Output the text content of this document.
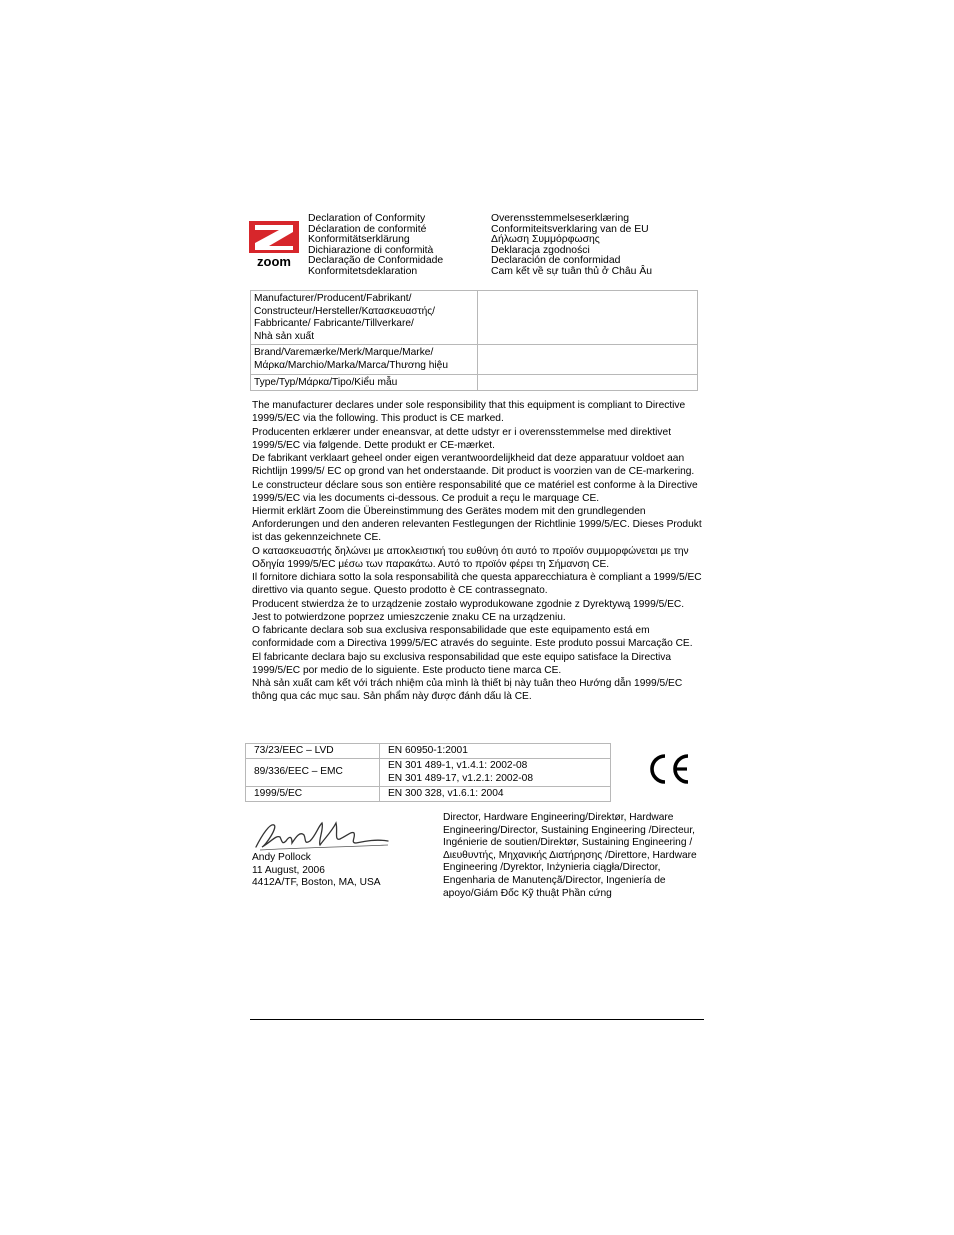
zoom
Declaration of Conformity
Déclaration de conformité
Konformitätserklärung
Dichiarazione di conformità
Declaração de Conformidade
Konformitetsdeklaration
Overensstemmelseserklæring
Conformiteitsverklaring van de EU
Δήλωση Συμμόρφωσης
Deklaracja zgodności
Declaración de conformidad
Cam kết về sự tuân thủ ở Châu Âu
Manufacturer/Producent/Fabrikant/
Constructeur/Hersteller/Κατασκευαστής/
Fabbricante/ Fabricante/Tillverkare/
Nhà sản xuất	

Brand/Varemærke/Merk/Marque/Marke/
Μάρκα/Marchio/Marka/Marca/Thương hiệu	

Type/Typ/Μάρκα/Tipo/Kiểu mẫu	

The manufacturer declares under sole responsibility that this equipment is compliant to Directive 1999/5/EC via the following. This product is CE marked.

Producenten erklærer under eneansvar, at dette udstyr er i overensstemmelse med direktivet 1999/5/EC via følgende. Dette produkt er CE-mærket.

De fabrikant verklaart geheel onder eigen verantwoordelijkheid dat deze apparatuur voldoet aan Richtlijn 1999/5/ EC op grond van het onderstaande. Dit product is voorzien van de CE-markering.

Le constructeur déclare sous son entière responsabilité que ce matériel est conforme à la Directive 1999/5/EC via les documents ci-dessous. Ce produit a reçu le marquage CE.

Hiermit erklärt Zoom die Übereinstimmung des Gerätes modem mit den grundlegenden Anforderungen und den anderen relevanten Festlegungen der Richtlinie 1999/5/EC. Dieses Produkt ist das gekennzeichnete CE.

Ο κατασκευαστής δηλώνει με αποκλειστική του ευθύνη ότι αυτό το προϊόν συμμορφώνεται με την Οδηγία 1999/5/EC μέσω των παρακάτω. Αυτό το προϊόν φέρει τη Σήμανση CE.

Il fornitore dichiara sotto la sola responsabilità che questa apparecchiatura è compliant a 1999/5/EC direttivo via quanto segue. Questo prodotto è CE contrassegnato.

Producent stwierdza że to urządzenie zostało wyprodukowane zgodnie z Dyrektywą 1999/5/EC. Jest to potwierdzone poprzez umieszczenie znaku CE na urządzeniu.

O fabricante declara sob sua exclusiva responsabilidade que este equipamento está em conformidade com a Directiva 1999/5/EC através do seguinte. Este produto possui Marcação CE.

El fabricante declara bajo su exclusiva responsabilidad que este equipo satisface la Directiva 1999/5/EC por medio de lo siguiente. Este producto tiene marca CE.

Nhà sản xuất cam kết với trách nhiệm của mình là thiết bị này tuân theo Hướng dẫn 1999/5/EC thông qua các mục sau. Sản phẩm này được đánh dấu là CE.

73/23/EEC – LVD	EN 60950-1:2001

89/336/EEC – EMC	EN 301 489-1, v1.4.1: 2002-08
EN 301 489-17, v1.2.1: 2002-08

1999/5/EC	EN 300 328, v1.6.1: 2004
Andy Pollock
11 August, 2006
4412A/TF, Boston, MA, USA
Director, Hardware Engineering/Direktør, Hardware Engineering/Director, Sustaining Engineering /Directeur, Ingénierie de soutien/Direktør, Sustaining Engineering /Διευθυντής, Μηχανικής Διατήρησης /Direttore, Hardware Engineering /Dyrektor, Inżynieria ciągła/Director, Engenharia de Manutençã/Director, Ingeniería de apoyo/Giám Đốc Kỹ thuật Phần cứng
